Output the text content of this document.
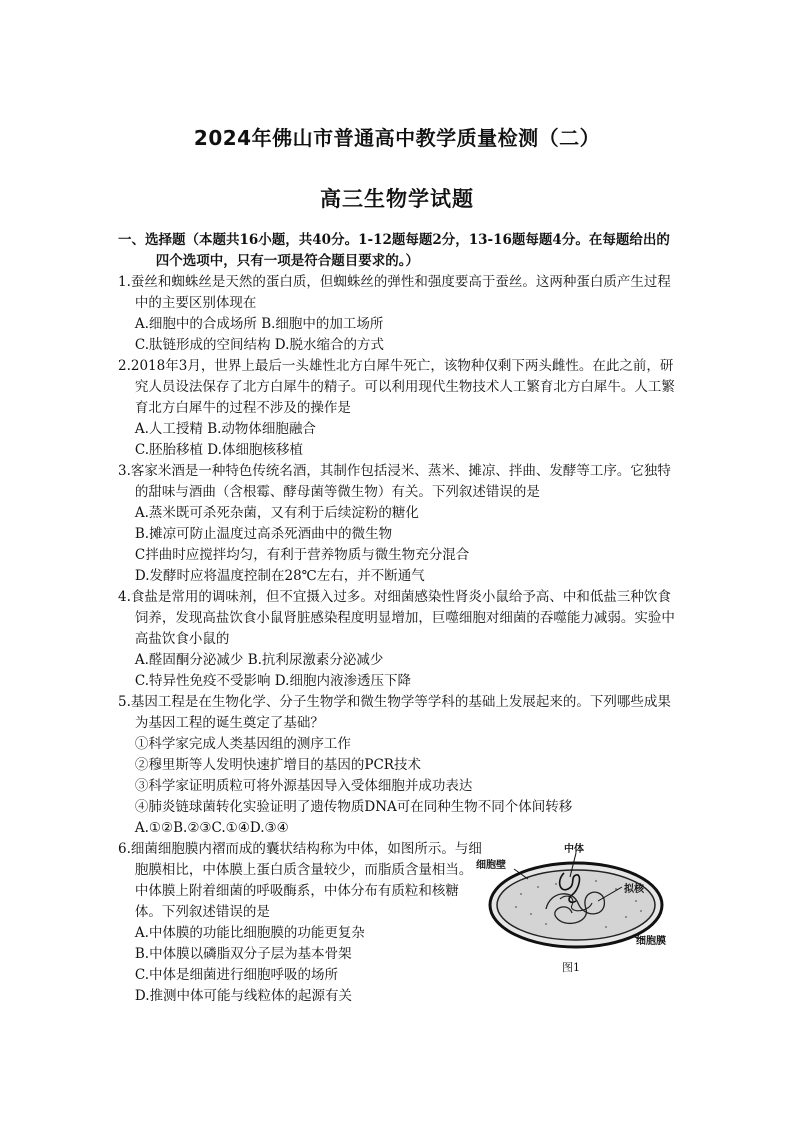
2024年佛山市普通高中教学质量检测（二）
高三生物学试题
一、选择题（本题共16小题，共40分。1-12题每题2分，13-16题每题4分。在每题给出的四个选项中，只有一项是符合题目要求的。）
1.蚕丝和蜘蛛丝是天然的蛋白质，但蜘蛛丝的弹性和强度要高于蚕丝。这两种蛋白质产生过程中的主要区别体现在
A.细胞中的合成场所 B.细胞中的加工场所
C.肽链形成的空间结构 D.脱水缩合的方式
2.2018年3月，世界上最后一头雄性北方白犀牛死亡，该物种仅剩下两头雌性。在此之前，研究人员设法保存了北方白犀牛的精子。可以利用现代生物技术人工繁育北方白犀牛。人工繁育北方白犀牛的过程不涉及的操作是
A.人工授精 B.动物体细胞融合
C.胚胎移植 D.体细胞核移植
3.客家米酒是一种特色传统名酒，其制作包括浸米、蒸米、摊凉、拌曲、发酵等工序。它独特的甜味与酒曲（含根霉、酵母菌等微生物）有关。下列叙述错误的是
A.蒸米既可杀死杂菌，又有利于后续淀粉的糖化
B.摊凉可防止温度过高杀死酒曲中的微生物
C拌曲时应搅拌均匀，有利于营养物质与微生物充分混合
D.发酵时应将温度控制在28℃左右，并不断通气
4.食盐是常用的调味剂，但不宜摄入过多。对细菌感染性肾炎小鼠给予高、中和低盐三种饮食饲养，发现高盐饮食小鼠肾脏感染程度明显增加，巨噬细胞对细菌的吞噬能力减弱。实验中高盐饮食小鼠的
A.醛固酮分泌减少 B.抗利尿激素分泌减少
C.特异性免疫不受影响 D.细胞内液渗透压下降
5.基因工程是在生物化学、分子生物学和微生物学等学科的基础上发展起来的。下列哪些成果为基因工程的诞生奠定了基础？
①科学家完成人类基因组的测序工作
②穆里斯等人发明快速扩增目的基因的PCR技术
③科学家证明质粒可将外源基因导入受体细胞并成功表达
④肺炎链球菌转化实验证明了遗传物质DNA可在同种生物不同个体间转移
A.①②B.②③C.①④D.③④
6.细菌细胞膜内褶而成的囊状结构称为中体，如图所示。与细胞膜相比，中体膜上蛋白质含量较少，而脂质含量相当。中体膜上附着细菌的呼吸酶系，中体分布有质粒和核糖体。下列叙述错误的是
A.中体膜的功能比细胞膜的功能更复杂
B.中体膜以磷脂双分子层为基本骨架
C.中体是细菌进行细胞呼吸的场所
D.推测中体可能与线粒体的起源有关
中体
细胞壁
拟核
细胞膜
图1
